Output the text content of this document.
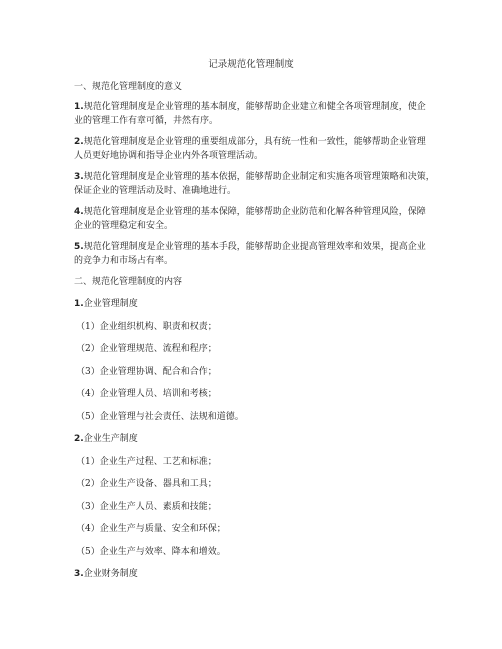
记录规范化管理制度
一、规范化管理制度的意义
1.规范化管理制度是企业管理的基本制度，能够帮助企业建立和健全各项管理制度，使企
业的管理工作有章可循，井然有序。
2.规范化管理制度是企业管理的重要组成部分，具有统一性和一致性，能够帮助企业管理
人员更好地协调和指导企业内外各项管理活动。
3.规范化管理制度是企业管理的基本依据，能够帮助企业制定和实施各项管理策略和决策，
保证企业的管理活动及时、准确地进行。
4.规范化管理制度是企业管理的基本保障，能够帮助企业防范和化解各种管理风险，保障
企业的管理稳定和安全。
5.规范化管理制度是企业管理的基本手段，能够帮助企业提高管理效率和效果，提高企业
的竞争力和市场占有率。
二、规范化管理制度的内容
1.企业管理制度
（1）企业组织机构、职责和权责；
（2）企业管理规范、流程和程序；
（3）企业管理协调、配合和合作；
（4）企业管理人员、培训和考核；
（5）企业管理与社会责任、法规和道德。
2.企业生产制度
（1）企业生产过程、工艺和标准；
（2）企业生产设备、器具和工具；
（3）企业生产人员、素质和技能；
（4）企业生产与质量、安全和环保；
（5）企业生产与效率、降本和增效。
3.企业财务制度
